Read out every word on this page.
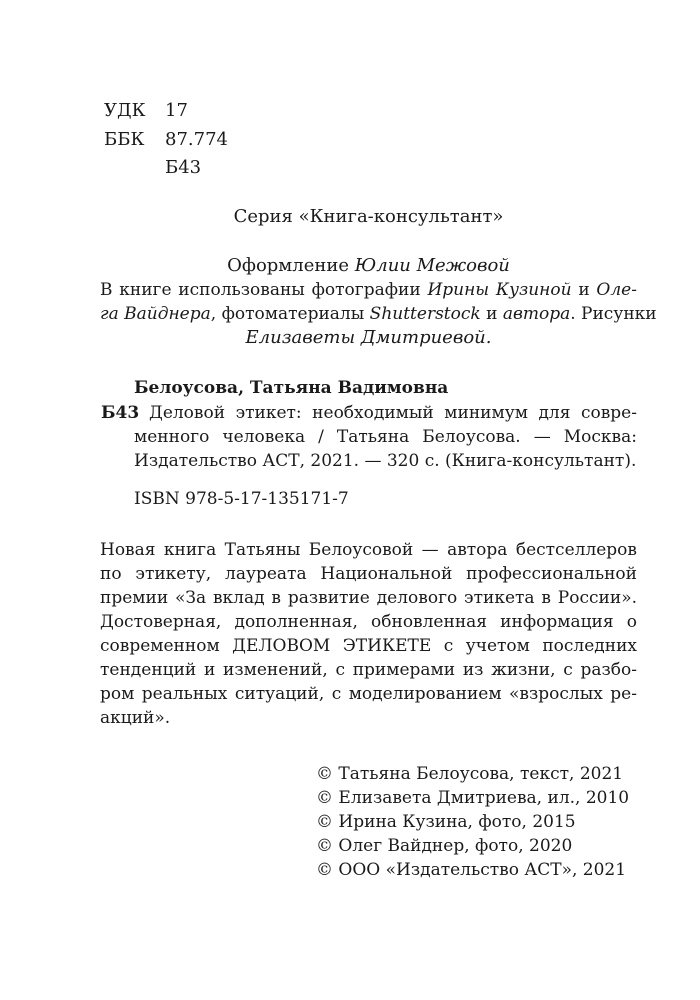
УДК 17
ББК 87.774
Б43
Серия «Книга-консультант»
Оформление Юлии Межовой
В книге использованы фотографии Ирины Кузиной и Оле-
га Вайднера, фотоматериалы Shutterstock и автора. Рисунки
Елизаветы Дмитриевой.
Белоусова, Татьяна Вадимовна
Б43 Деловой этикет: необходимый минимум для совре-
менного человека / Татьяна Белоусова. — Москва:
Издательство АСТ, 2021. — 320 с. (Книга-консультант).
ISBN 978-5-17-135171-7
Новая книга Татьяны Белоусовой — автора бестселлеров
по этикету, лауреата Национальной профессиональной
премии «За вклад в развитие делового этикета в России».
Достоверная, дополненная, обновленная информация о
современном ДЕЛОВОМ ЭТИКЕТЕ с учетом последних
тенденций и изменений, с примерами из жизни, с разбо-
ром реальных ситуаций, с моделированием «взрослых ре-
акций».
© Татьяна Белоусова, текст, 2021
© Елизавета Дмитриева, ил., 2010
© Ирина Кузина, фото, 2015
© Олег Вайднер, фото, 2020
© ООО «Издательство АСТ», 2021
